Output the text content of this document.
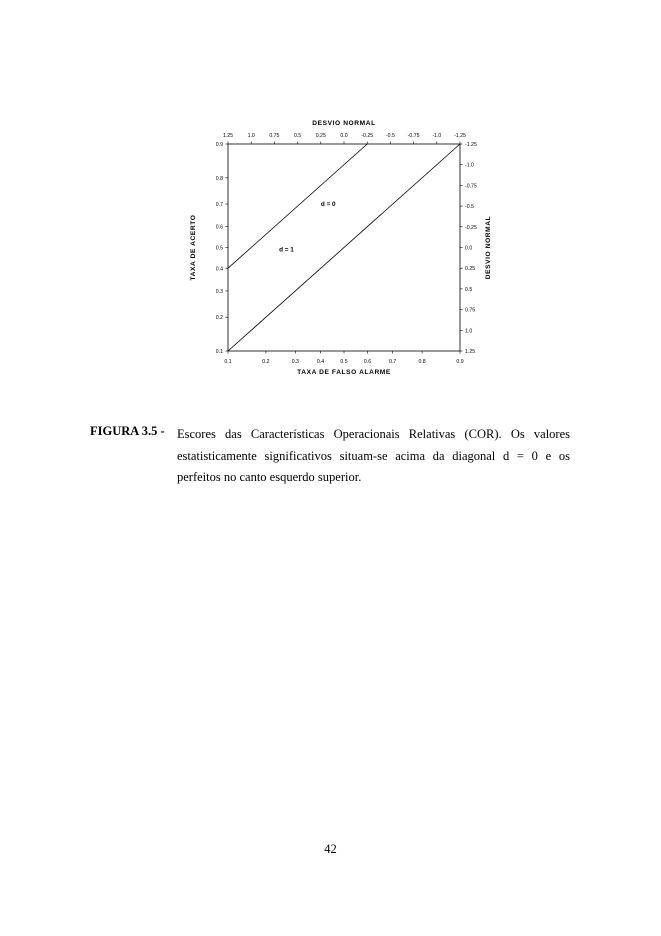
0.1	0.2	0.3	0.4	0.5	0.6	0.7	0.8	0.9
0.1
0.2
0.3
0.4
0.5
0.6
0.7
0.8
0.9
1.25	1.0	0.75	0.5	0.25	0.0	-0.25 -0.5 -0.75 -1.0 -1.25
-1.25
-1.0
-0.75
-0.5
-0.25
0.0
0.25
0.5
0.75
1.0
1.25
d = 1
d = 0
DESVIO NORMAL
TAXA DE FALSO ALARME
TAXA DE ACERTO	DESVIO NORMAL
FIGURA 3.5 - Escores das Características Operacionais Relativas (COR). Os valores estatisticamente significativos situam-se acima da diagonal d = 0 e os perfeitos no canto esquerdo superior.
42
